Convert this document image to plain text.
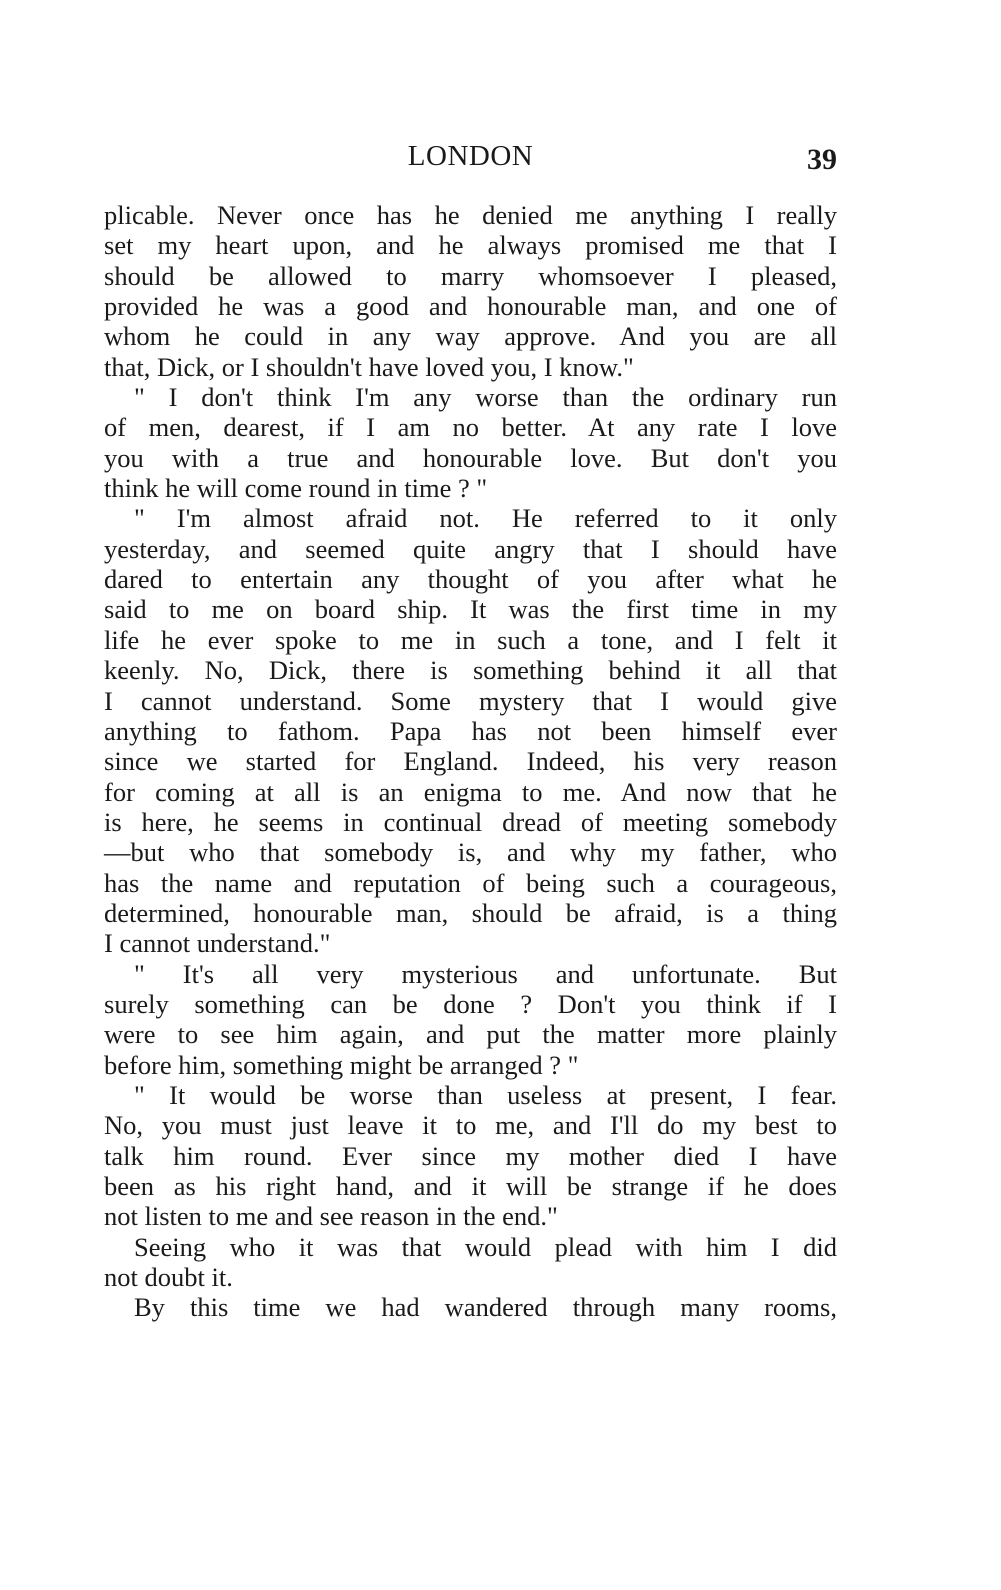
LONDON	39
plicable. Never once has he denied me anything I really
set my heart upon, and he always promised me that I
should be allowed to marry whomsoever I pleased,
provided he was a good and honourable man, and one of
whom he could in any way approve. And you are all
that, Dick, or I shouldn't have loved you, I know."
" I don't think I'm any worse than the ordinary run
of men, dearest, if I am no better. At any rate I love
you with a true and honourable love. But don't you
think he will come round in time ? "
" I'm almost afraid not. He referred to it only
yesterday, and seemed quite angry that I should have
dared to entertain any thought of you after what he
said to me on board ship. It was the first time in my
life he ever spoke to me in such a tone, and I felt it
keenly. No, Dick, there is something behind it all that
I cannot understand. Some mystery that I would give
anything to fathom. Papa has not been himself ever
since we started for England. Indeed, his very reason
for coming at all is an enigma to me. And now that he
is here, he seems in continual dread of meeting somebody
—but who that somebody is, and why my father, who
has the name and reputation of being such a courageous,
determined, honourable man, should be afraid, is a thing
I cannot understand."
" It's all very mysterious and unfortunate. But
surely something can be done ? Don't you think if I
were to see him again, and put the matter more plainly
before him, something might be arranged ? "
" It would be worse than useless at present, I fear.
No, you must just leave it to me, and I'll do my best to
talk him round. Ever since my mother died I have
been as his right hand, and it will be strange if he does
not listen to me and see reason in the end."
Seeing who it was that would plead with him I did
not doubt it.
By this time we had wandered through many rooms,
